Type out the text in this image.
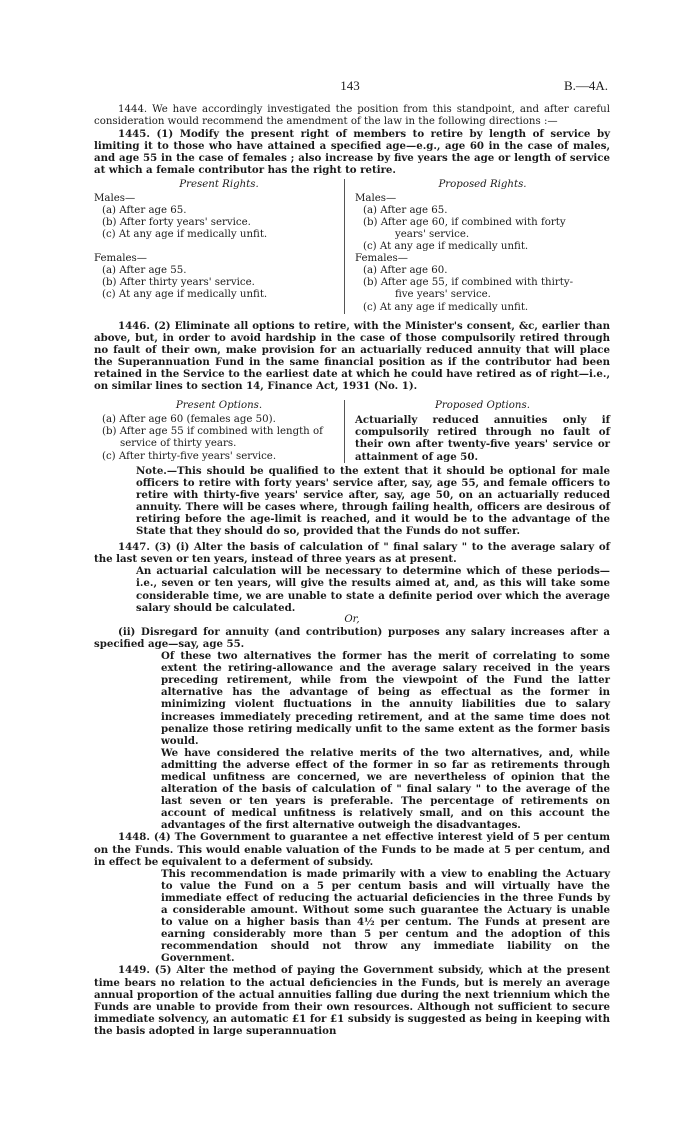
143	B.—4A.

1444. We have accordingly investigated the position from this standpoint, and after careful consideration would recommend the amendment of the law in the following directions :—

1445. (1) Modify the present right of members to retire by length of service by limiting it to those who have attained a specified age—e.g., age 60 in the case of males, and age 55 in the case of females ; also increase by five years the age or length of service at which a female contributor has the right to retire.

Present Rights.
Males—
(a) After age 65.
(b) After forty years' service.
(c) At any age if medically unfit.
Females—
(a) After age 55.
(b) After thirty years' service.
(c) At any age if medically unfit.
Proposed Rights.
Males—
(a) After age 65.
(b) After age 60, if combined with forty
years' service.
(c) At any age if medically unfit.
Females—
(a) After age 60.
(b) After age 55, if combined with thirty-
five years' service.
(c) At any age if medically unfit.

1446. (2) Eliminate all options to retire, with the Minister's consent, &c, earlier than above, but, in order to avoid hardship in the case of those compulsorily retired through no fault of their own, make provision for an actuarially reduced annuity that will place the Superannuation Fund in the same financial position as if the contributor had been retained in the Service to the earliest date at which he could have retired as of right—i.e., on similar lines to section 14, Finance Act, 1931 (No. 1).

Present Options.
(a) After age 60 (females age 50).
(b) After age 55 if combined with length of
service of thirty years.
(c) After thirty-five years' service.
Proposed Options.
Actuarially reduced annuities only if compulsorily retired through no fault of their own after twenty-five years' service or attainment of age 50.
Note.—This should be qualified to the extent that it should be optional for male officers to retire with forty years' service after, say, age 55, and female officers to retire with thirty-five years' service after, say, age 50, on an actuarially reduced annuity. There will be cases where, through failing health, officers are desirous of retiring before the age-limit is reached, and it would be to the advantage of the State that they should do so, provided that the Funds do not suffer.

1447. (3) (i) Alter the basis of calculation of " final salary " to the average salary of the last seven or ten years, instead of three years as at present.

An actuarial calculation will be necessary to determine which of these periods—i.e., seven or ten years, will give the results aimed at, and, as this will take some considerable time, we are unable to state a definite period over which the average salary should be calculated.
Or,

(ii) Disregard for annuity (and contribution) purposes any salary increases after a specified age—say, age 55.

Of these two alternatives the former has the merit of correlating to some extent the retiring-allowance and the average salary received in the years preceding retirement, while from the viewpoint of the Fund the latter alternative has the advantage of being as effectual as the former in minimizing violent fluctuations in the annuity liabilities due to salary increases immediately preceding retirement, and at the same time does not penalize those retiring medically unfit to the same extent as the former basis would.
We have considered the relative merits of the two alternatives, and, while admitting the adverse effect of the former in so far as retirements through medical unfitness are concerned, we are nevertheless of opinion that the alteration of the basis of calculation of " final salary " to the average of the last seven or ten years is preferable. The percentage of retirements on account of medical unfitness is relatively small, and on this account the advantages of the first alternative outweigh the disadvantages.

1448. (4) The Government to guarantee a net effective interest yield of 5 per centum on the Funds. This would enable valuation of the Funds to be made at 5 per centum, and in effect be equivalent to a deferment of subsidy.

This recommendation is made primarily with a view to enabling the Actuary to value the Fund on a 5 per centum basis and will virtually have the immediate effect of reducing the actuarial deficiencies in the three Funds by a considerable amount. Without some such guarantee the Actuary is unable to value on a higher basis than 4½ per centum. The Funds at present are earning considerably more than 5 per centum and the adoption of this recommendation should not throw any immediate liability on the Government.

1449. (5) Alter the method of paying the Government subsidy, which at the present time bears no relation to the actual deficiencies in the Funds, but is merely an average annual proportion of the actual annuities falling due during the next triennium which the Funds are unable to provide from their own resources. Although not sufficient to secure immediate solvency, an automatic £1 for £1 subsidy is suggested as being in keeping with the basis adopted in large superannuation
